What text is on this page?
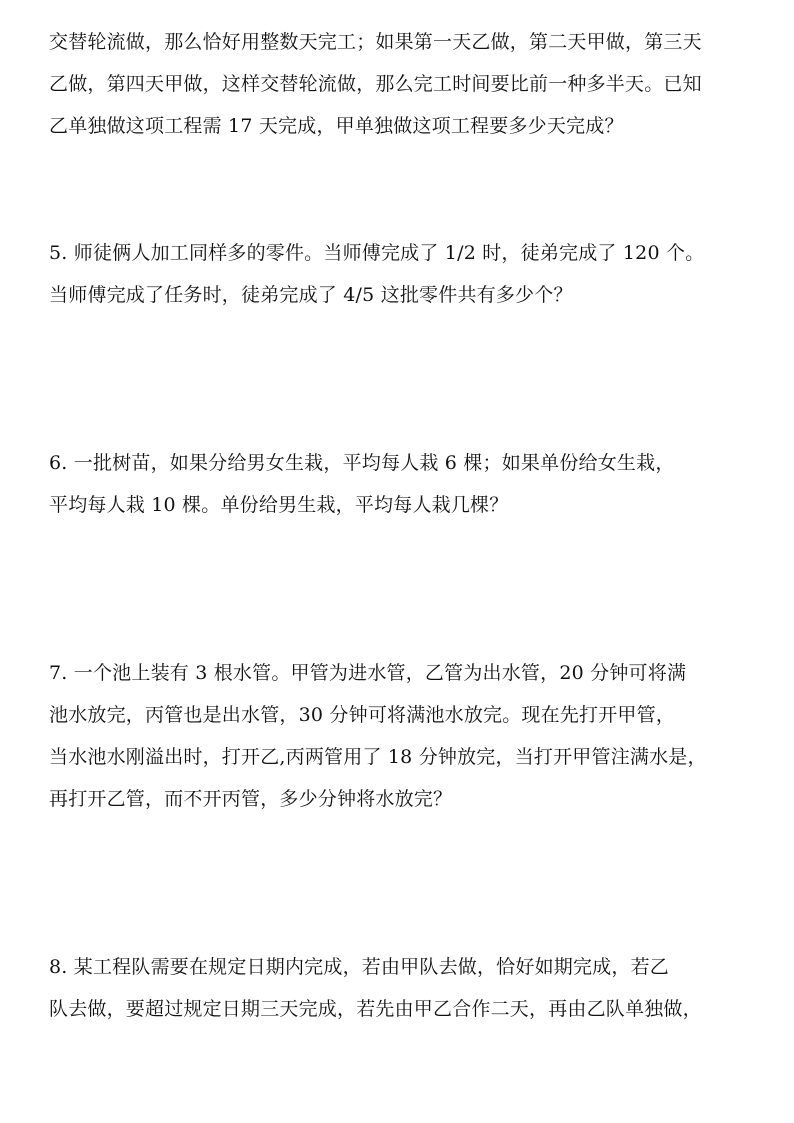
交替轮流做，那么恰好用整数天完工；如果第一天乙做，第二天甲做，第三天
乙做，第四天甲做，这样交替轮流做，那么完工时间要比前一种多半天。已知
乙单独做这项工程需 17 天完成，甲单独做这项工程要多少天完成？
5. 师徒俩人加工同样多的零件。当师傅完成了 1/2 时，徒弟完成了 120 个。
当师傅完成了任务时，徒弟完成了 4/5 这批零件共有多少个？
6. 一批树苗，如果分给男女生栽，平均每人栽 6 棵；如果单份给女生栽，
平均每人栽 10 棵。单份给男生栽，平均每人栽几棵？
7. 一个池上装有 3 根水管。甲管为进水管，乙管为出水管，20 分钟可将满
池水放完，丙管也是出水管，30 分钟可将满池水放完。现在先打开甲管，
当水池水刚溢出时，打开乙,丙两管用了 18 分钟放完，当打开甲管注满水是，
再打开乙管，而不开丙管，多少分钟将水放完？
8. 某工程队需要在规定日期内完成，若由甲队去做，恰好如期完成，若乙
队去做，要超过规定日期三天完成，若先由甲乙合作二天，再由乙队单独做，
